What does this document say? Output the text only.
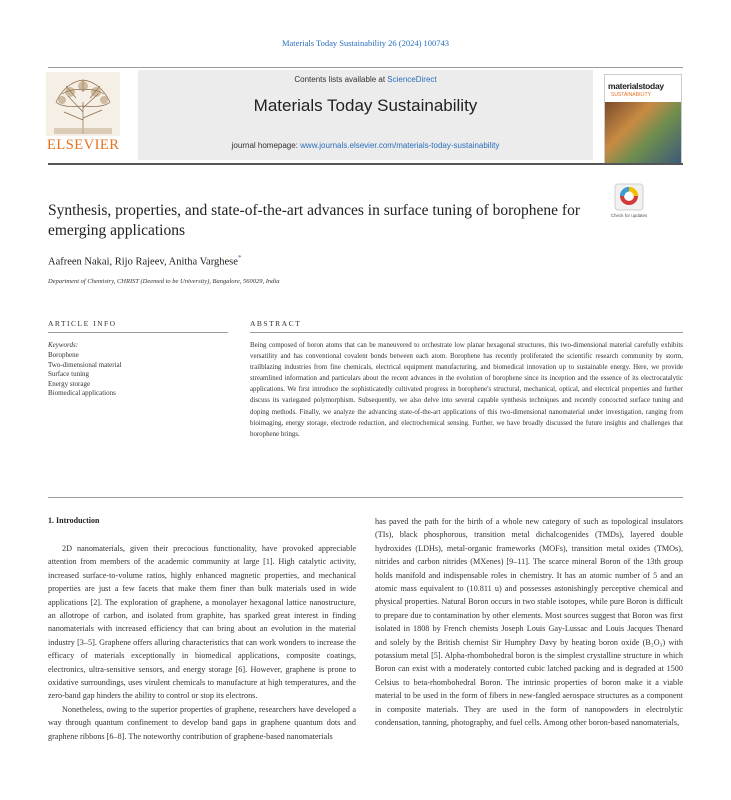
Materials Today Sustainability 26 (2024) 100743
ELSEVIER
Contents lists available at ScienceDirect
Materials Today Sustainability
journal homepage: www.journals.elsevier.com/materials-today-sustainability
materialstoday
SUSTAINABILITY
Synthesis, properties, and state-of-the-art advances in surface tuning of borophene for emerging applications
Check for updates
Aafreen Nakai, Rijo Rajeev, Anitha Varghese*
Department of Chemistry, CHRIST (Deemed to be University), Bangalore, 560029, India
ARTICLE INFO	ABSTRACT
Keywords:
Borophene
Two-dimensional material
Surface tuning
Energy storage
Biomedical applications
Being composed of boron atoms that can be maneuvered to orchestrate low planar hexagonal structures, this two-dimensional material carefully exhibits versatility and has conventional covalent bonds between each atom. Borophene has recently proliferated the scientific research community by storm, trailblazing industries from fine chemicals, electrical equipment manufacturing, and biomedical innovation up to sustainable energy. Here, we provide streamlined information and particulars about the recent advances in the evolution of borophene since its inception and the essence of its electrocatalytic applications. We first introduce the sophisticatedly cultivated progress in borophene's structural, mechanical, optical, and electrical properties and further discuss its variegated polymorphism. Subsequently, we also delve into several capable synthesis techniques and recently concocted surface tuning and doping methods. Finally, we analyze the advancing state-of-the-art applications of this two-dimensional nanomaterial under investigation, ranging from bioimaging, energy storage, electrode reduction, and electrochemical sensing. Further, we have broadly discussed the future insights and challenges that borophene brings.
1. Introduction

2D nanomaterials, given their precocious functionality, have provoked appreciable attention from members of the academic community at large [1]. High catalytic activity, increased surface-to-volume ratios, highly enhanced magnetic properties, and mechanical properties are just a few facets that make them finer than bulk materials used in wide applications [2]. The exploration of graphene, a monolayer hexagonal lattice nanostructure, an allotrope of carbon, and isolated from graphite, has sparked great interest in finding nanomaterials with increased efficiency that can bring about an evolution in the material industry [3–5]. Graphene offers alluring characteristics that can work wonders to increase the efficacy of materials exceptionally in biomedical applications, composite coatings, electronics, ultra-sensitive sensors, and energy storage [6]. However, graphene is prone to oxidative surroundings, uses virulent chemicals to manufacture at high temperatures, and the zero-band gap hinders the ability to control or stop its electrons.

Nonetheless, owing to the superior properties of graphene, researchers have developed a way through quantum confinement to develop band gaps in graphene quantum dots and graphene ribbons [6–8]. The noteworthy contribution of graphene-based nanomaterials

has paved the path for the birth of a whole new category of such as topological insulators (TIs), black phosphorous, transition metal dichalcogenides (TMDs), layered double hydroxides (LDHs), metal-organic frameworks (MOFs), transition metal oxides (TMOs), nitrides and carbon nitrides (MXenes) [9–11]. The scarce mineral Boron of the 13th group holds manifold and indispensable roles in chemistry. It has an atomic number of 5 and an atomic mass equivalent to (10.811 u) and possesses astonishingly perceptive chemical and physical properties. Natural Boron occurs in two stable isotopes, while pure Boron is difficult to prepare due to contamination by other elements. Most sources suggest that Boron was first isolated in 1808 by French chemists Joseph Louis Gay-Lussac and Louis Jacques Thenard and solely by the British chemist Sir Humphry Davy by heating boron oxide (B₂O₃) with potassium metal [5]. Alpha-rhombohedral boron is the simplest crystalline structure in which Boron can exist with a moderately contorted cubic latched packing and is degraded at 1500 Celsius to beta-rhombohedral Boron. The intrinsic properties of boron make it a viable material to be used in the form of fibers in new-fangled aerospace structures as a component in composite materials. They are used in the form of nanopowders in electrolytic condensation, tanning, photography, and fuel cells. Among other boron-based nanomaterials,
